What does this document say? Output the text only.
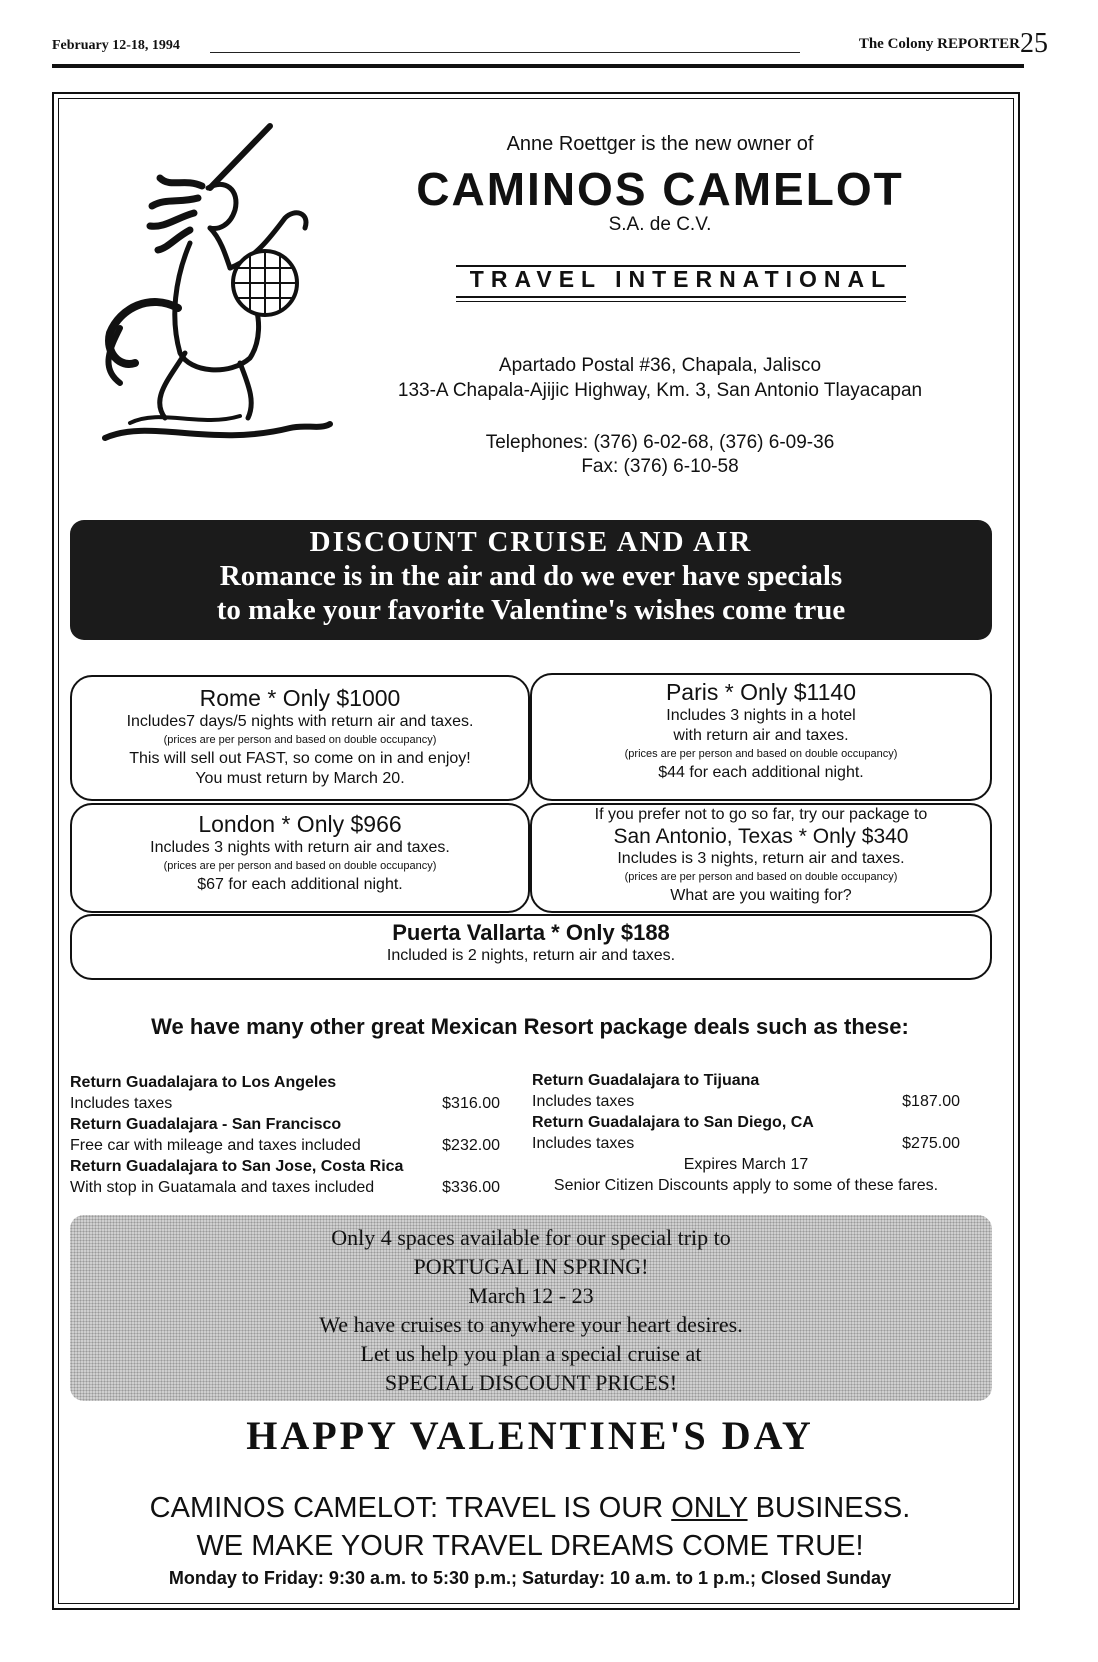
February 12-18, 1994	The Colony REPORTER 25
Anne Roettger is the new owner of
CAMINOS CAMELOT
S.A. de C.V.
TRAVEL INTERNATIONAL
Apartado Postal #36, Chapala, Jalisco
133-A Chapala-Ajijic Highway, Km. 3, San Antonio Tlayacapan
Telephones: (376) 6-02-68, (376) 6-09-36
Fax: (376) 6-10-58
DISCOUNT CRUISE AND AIR
Romance is in the air and do we ever have specials
to make your favorite Valentine's wishes come true
Rome * Only $1000
Includes7 days/5 nights with return air and taxes.
(prices are per person and based on double occupancy)
This will sell out FAST, so come on in and enjoy!
You must return by March 20.
Paris * Only $1140
Includes 3 nights in a hotel
with return air and taxes.
(prices are per person and based on double occupancy)
$44 for each additional night.
London * Only $966
Includes 3 nights with return air and taxes.
(prices are per person and based on double occupancy)
$67 for each additional night.
If you prefer not to go so far, try our package to
San Antonio, Texas * Only $340
Includes is 3 nights, return air and taxes.
(prices are per person and based on double occupancy)
What are you waiting for?
Puerta Vallarta * Only $188
Included is 2 nights, return air and taxes.
We have many other great Mexican Resort package deals such as these:
Return Guadalajara to Los Angeles
Includes taxes	$316.00
Return Guadalajara - San Francisco
Free car with mileage and taxes included	$232.00
Return Guadalajara to San Jose, Costa Rica
With stop in Guatamala and taxes included	$336.00
Return Guadalajara to Tijuana
Includes taxes	$187.00
Return Guadalajara to San Diego, CA
Includes taxes	$275.00
Expires March 17
Senior Citizen Discounts apply to some of these fares.
Only 4 spaces available for our special trip to
PORTUGAL IN SPRING!
March 12 - 23
We have cruises to anywhere your heart desires.
Let us help you plan a special cruise at
SPECIAL DISCOUNT PRICES!
HAPPY VALENTINE'S DAY
CAMINOS CAMELOT: TRAVEL IS OUR ONLY BUSINESS.
WE MAKE YOUR TRAVEL DREAMS COME TRUE!
Monday to Friday: 9:30 a.m. to 5:30 p.m.; Saturday: 10 a.m. to 1 p.m.; Closed Sunday
